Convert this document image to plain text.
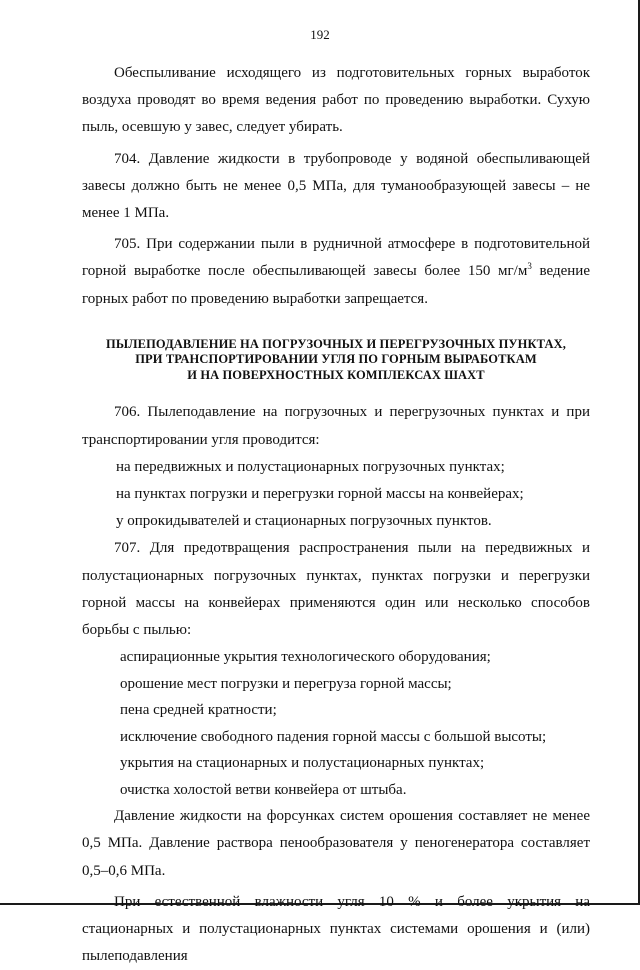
192

Обеспыливание исходящего из подготовительных горных выработок воздуха проводят во время ведения работ по проведению выработки. Сухую пыль, осевшую у завес, следует убирать.

704. Давление жидкости в трубопроводе у водяной обеспыливающей завесы должно быть не менее 0,5 МПа, для туманообразующей завесы – не менее 1 МПа.

705. При содержании пыли в рудничной атмосфере в подготовительной горной выработке после обеспыливающей завесы более 150 $мг/м^3$ ведение горных работ по проведению выработки запрещается.

ПЫЛЕПОДАВЛЕНИЕ НА ПОГРУЗОЧНЫХ И ПЕРЕГРУЗОЧНЫХ ПУНКТАХ,
ПРИ ТРАНСПОРТИРОВАНИИ УГЛЯ ПО ГОРНЫМ ВЫРАБОТКАМ
И НА ПОВЕРХНОСТНЫХ КОМПЛЕКСАХ ШАХТ

706. Пылеподавление на погрузочных и перегрузочных пунктах и при транспортировании угля проводится:

на передвижных и полустационарных погрузочных пунктах;

на пунктах погрузки и перегрузки горной массы на конвейерах;

у опрокидывателей и стационарных погрузочных пунктов.

707. Для предотвращения распространения пыли на передвижных и полустационарных погрузочных пунктах, пунктах погрузки и перегрузки горной массы на конвейерах применяются один или несколько способов борьбы с пылью:

аспирационные укрытия технологического оборудования;

орошение мест погрузки и перегруза горной массы;

пена средней кратности;

исключение свободного падения горной массы с большой высоты;

укрытия на стационарных и полустационарных пунктах;

очистка холостой ветви конвейера от штыба.

Давление жидкости на форсунках систем орошения составляет не менее 0,5 МПа. Давление раствора пенообразователя у пеногенератора составляет 0,5–0,6 МПа.

При естественной влажности угля 10 % и более укрытия на стационарных и полустационарных пунктах системами орошения и (или) пылеподавления
